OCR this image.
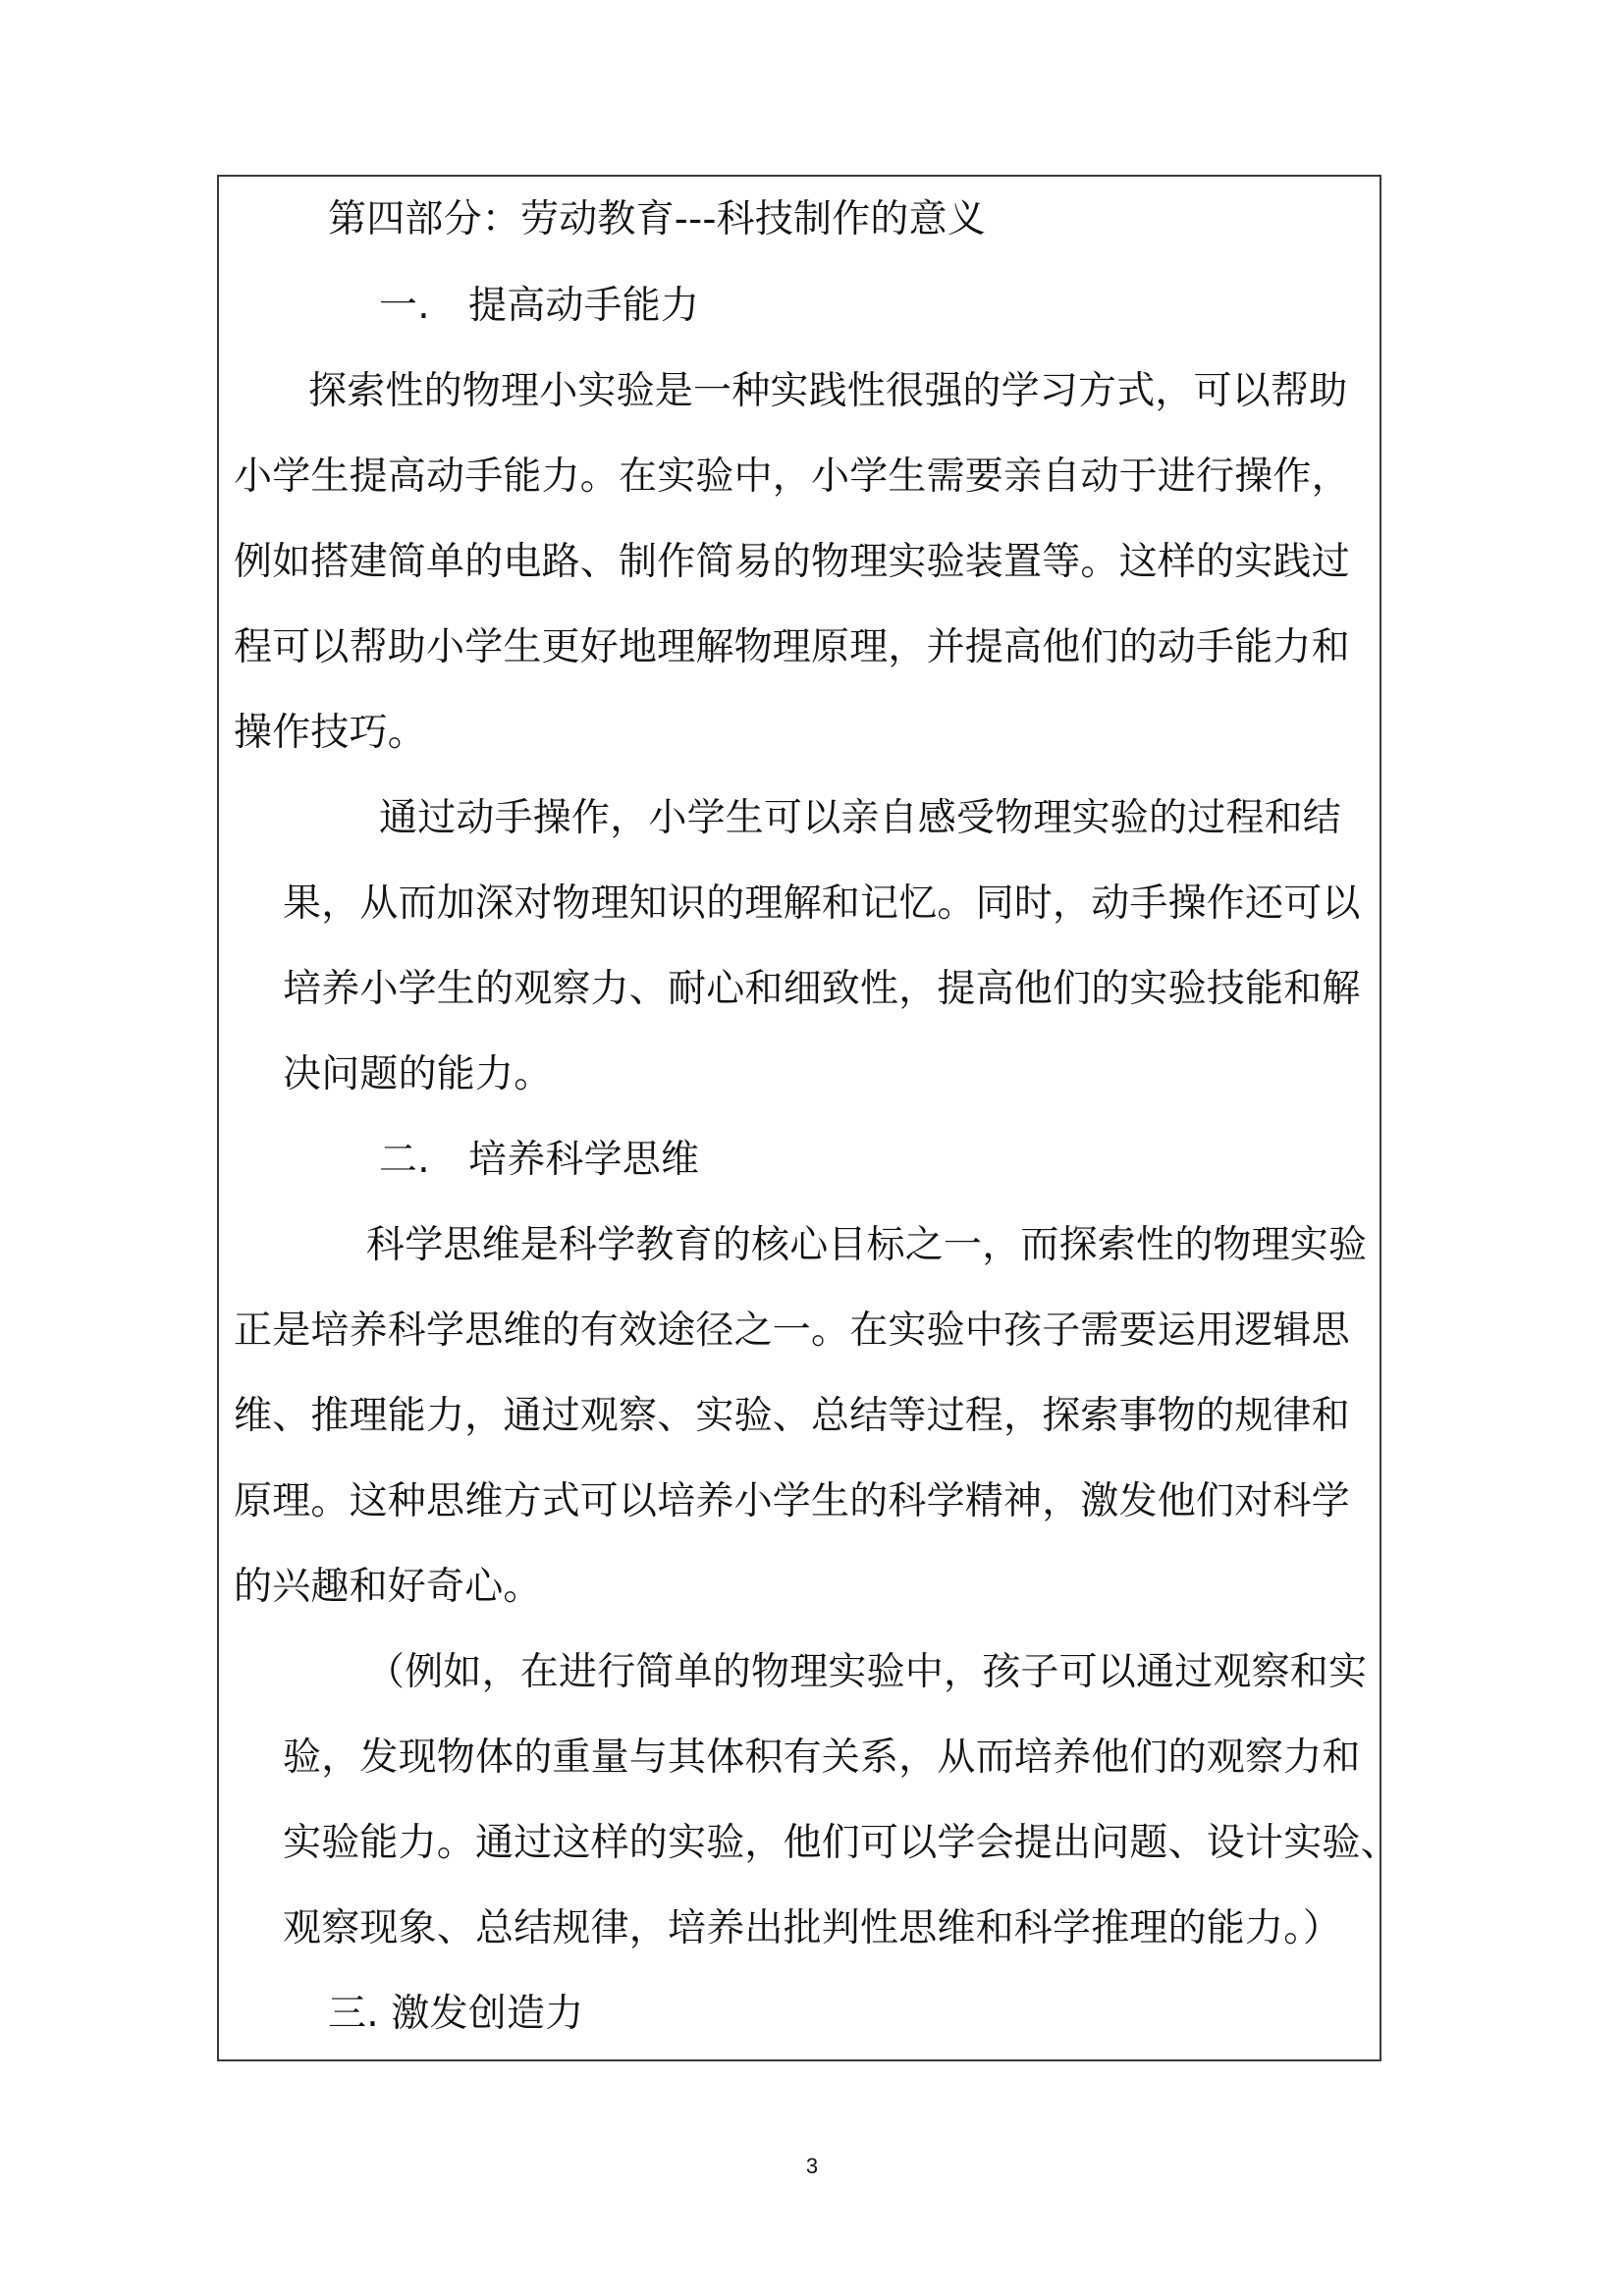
第四部分：劳动教育---科技制作的意义

一.　提高动手能力

探索性的物理小实验是一种实践性很强的学习方式，可以帮助

小学生提高动手能力。在实验中，小学生需要亲自动于进行操作，

例如搭建简单的电路、制作简易的物理实验装置等。这样的实践过

程可以帮助小学生更好地理解物理原理，并提高他们的动手能力和

操作技巧。

通过动手操作，小学生可以亲自感受物理实验的过程和结

果，从而加深对物理知识的理解和记忆。同时，动手操作还可以

培养小学生的观察力、耐心和细致性，提高他们的实验技能和解

决问题的能力。

二.　培养科学思维

科学思维是科学教育的核心目标之一，而探索性的物理实验

正是培养科学思维的有效途径之一。在实验中孩子需要运用逻辑思

维、推理能力，通过观察、实验、总结等过程，探索事物的规律和

原理。这种思维方式可以培养小学生的科学精神，激发他们对科学

的兴趣和好奇心。

（例如，在进行简单的物理实验中，孩子可以通过观察和实

验，发现物体的重量与其体积有关系，从而培养他们的观察力和

实验能力。通过这样的实验，他们可以学会提出问题、设计实验、

观察现象、总结规律，培养出批判性思维和科学推理的能力。）

三. 激发创造力

3
